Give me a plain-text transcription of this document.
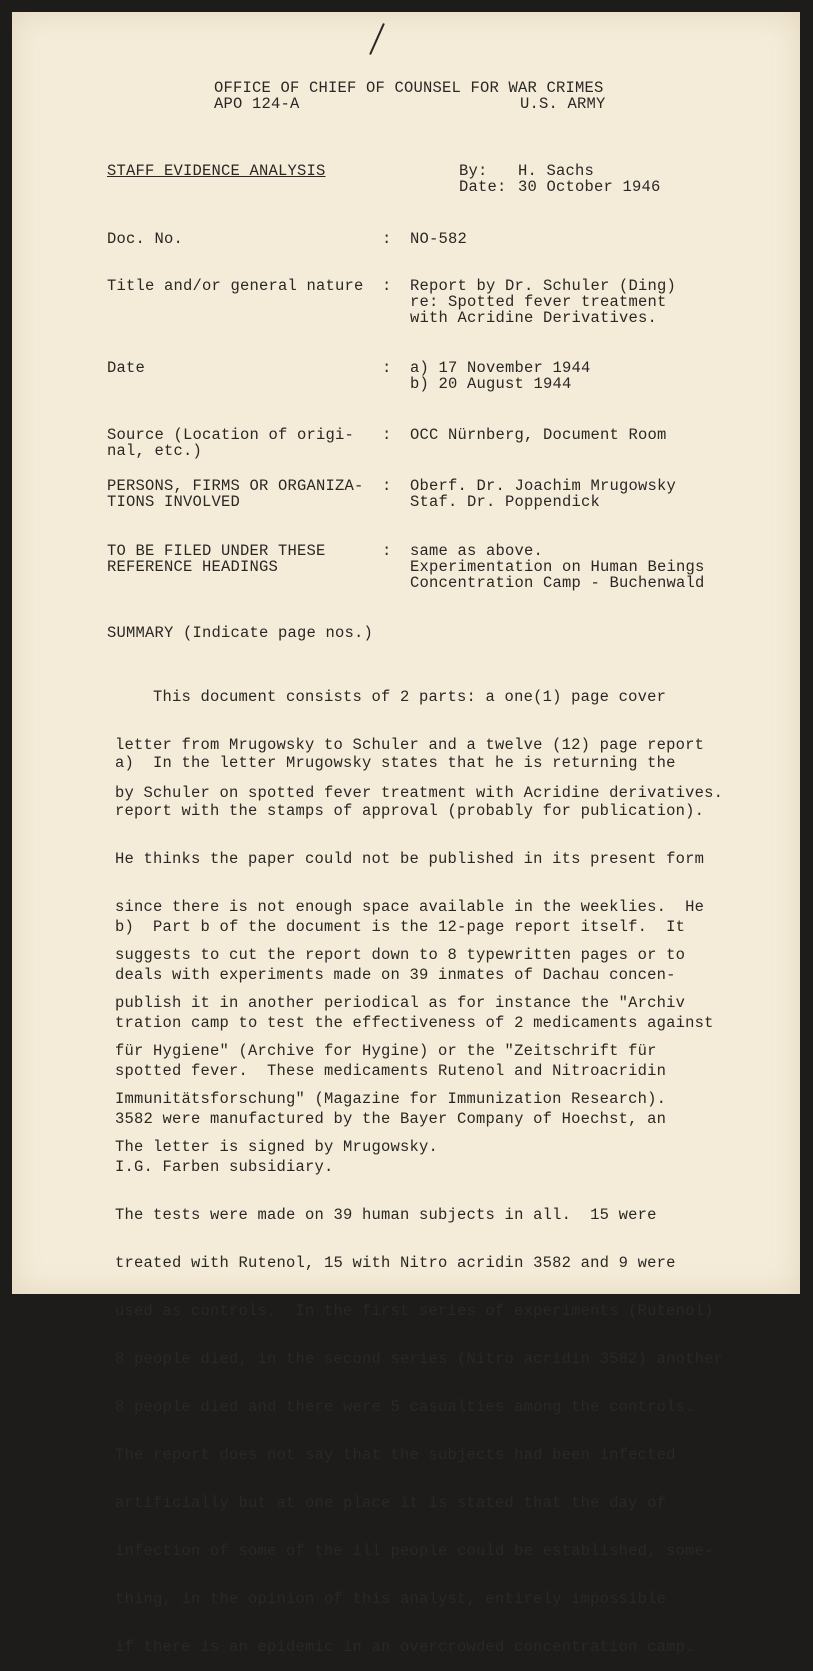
OFFICE OF CHIEF OF COUNSEL FOR WAR CRIMES
APO 124-A	U.S. ARMY
STAFF EVIDENCE ANALYSIS	By: H. Sachs
Date: 30 October 1946
Doc. No.	: NO-582
Title and/or general nature : Report by Dr. Schuler (Ding)
re: Spotted fever treatment
with Acridine Derivatives.
Date	: a) 17 November 1944
b) 20 August 1944
Source (Location of origi-
nal, etc.)
: OCC Nürnberg, Document Room
PERSONS, FIRMS OR ORGANIZA-
TIONS INVOLVED
: Oberf. Dr. Joachim Mrugowsky
Staf. Dr. Poppendick
TO BE FILED UNDER THESE
REFERENCE HEADINGS
: same as above.
Experimentation on Human Beings
Concentration Camp - Buchenwald
SUMMARY (Indicate page nos.)

This document consists of 2 parts: a one(1) page cover

letter from Mrugowsky to Schuler and a twelve (12) page report

by Schuler on spotted fever treatment with Acridine derivatives.

a)  In the letter Mrugowsky states that he is returning the

report with the stamps of approval (probably for publication).

He thinks the paper could not be published in its present form

since there is not enough space available in the weeklies.  He

suggests to cut the report down to 8 typewritten pages or to

publish it in another periodical as for instance the "Archiv

für Hygiene" (Archive for Hygine) or the "Zeitschrift für

Immunitätsforschung" (Magazine for Immunization Research).

The letter is signed by Mrugowsky.

b)  Part b of the document is the 12-page report itself.  It

deals with experiments made on 39 inmates of Dachau concen-

tration camp to test the effectiveness of 2 medicaments against

spotted fever.  These medicaments Rutenol and Nitroacridin

3582 were manufactured by the Bayer Company of Hoechst, an

I.G. Farben subsidiary.

The tests were made on 39 human subjects in all.  15 were

treated with Rutenol, 15 with Nitro acridin 3582 and 9 were

used as controls.  In the first series of experiments (Rutenol)

8 people died, in the second series (Nitro acridin 3582) another

8 people died and there were 5 casualties among the controls.

The report does not say that the subjects had been infected

artificially but at one place it is stated that the day of

infection of some of the ill people could be established, some-

thing, in the opinion of this analyst, entirely impossible

if there is an epidemic in an overcrowded concentration camp.
